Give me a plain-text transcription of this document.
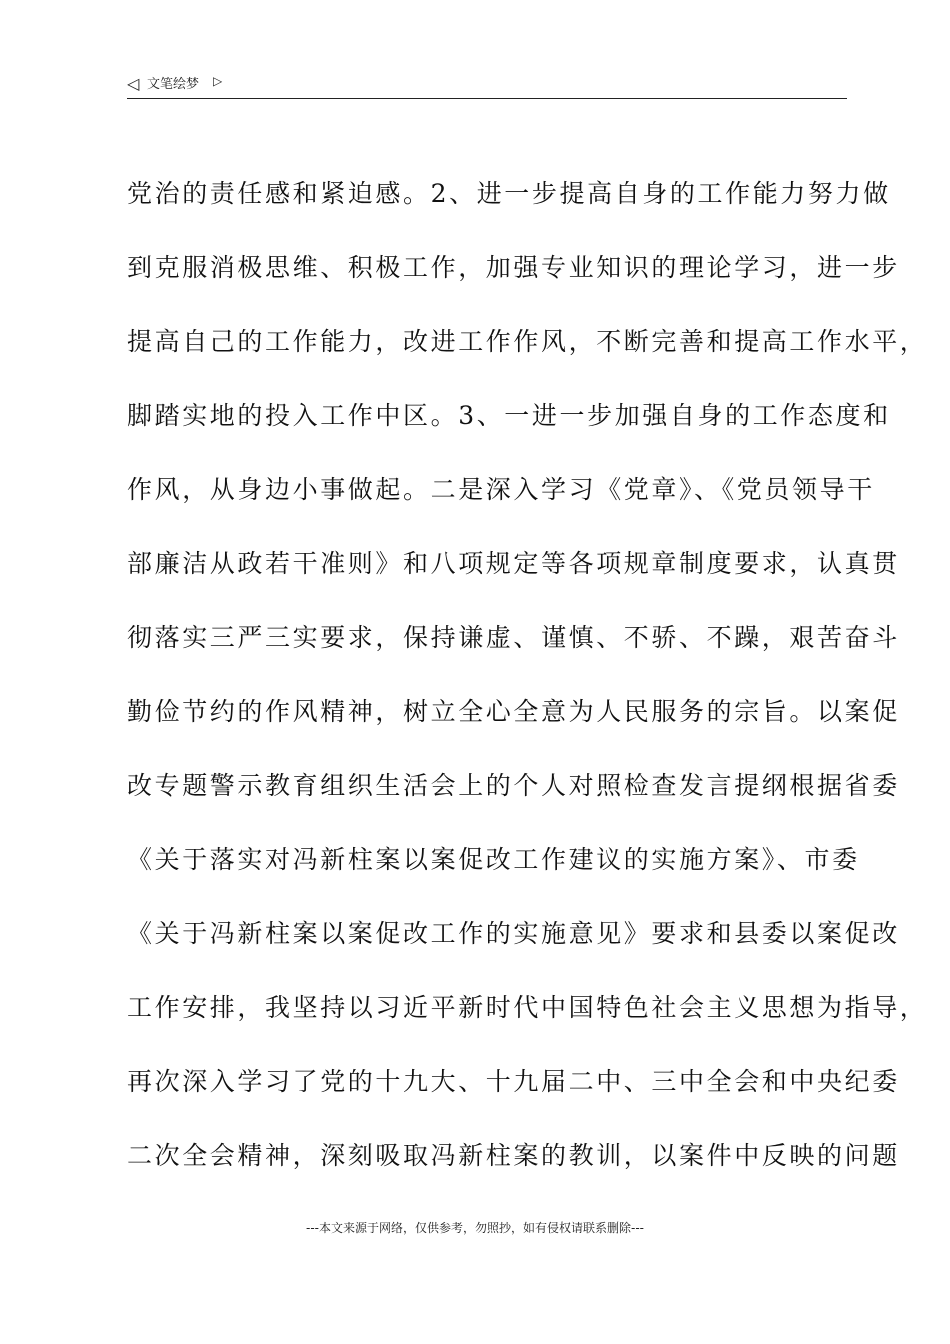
◁ 文笔绘梦 ▷
党治的责任感和紧迫感。2、进一步提高自身的工作能力努力做
到克服消极思维、积极工作，加强专业知识的理论学习，进一步
提高自己的工作能力，改进工作作风，不断完善和提高工作水平，
脚踏实地的投入工作中区。3、一进一步加强自身的工作态度和
作风，从身边小事做起。二是深入学习《党章》、《党员领导干
部廉洁从政若干准则》和八项规定等各项规章制度要求，认真贯
彻落实三严三实要求，保持谦虚、谨慎、不骄、不躁，艰苦奋斗
勤俭节约的作风精神，树立全心全意为人民服务的宗旨。以案促
改专题警示教育组织生活会上的个人对照检查发言提纲根据省委
《关于落实对冯新柱案以案促改工作建议的实施方案》、市委
《关于冯新柱案以案促改工作的实施意见》要求和县委以案促改
工作安排，我坚持以习近平新时代中国特色社会主义思想为指导，
再次深入学习了党的十九大、十九届二中、三中全会和中央纪委
二次全会精神，深刻吸取冯新柱案的教训，以案件中反映的问题
---本文来源于网络，仅供参考，勿照抄，如有侵权请联系删除---
